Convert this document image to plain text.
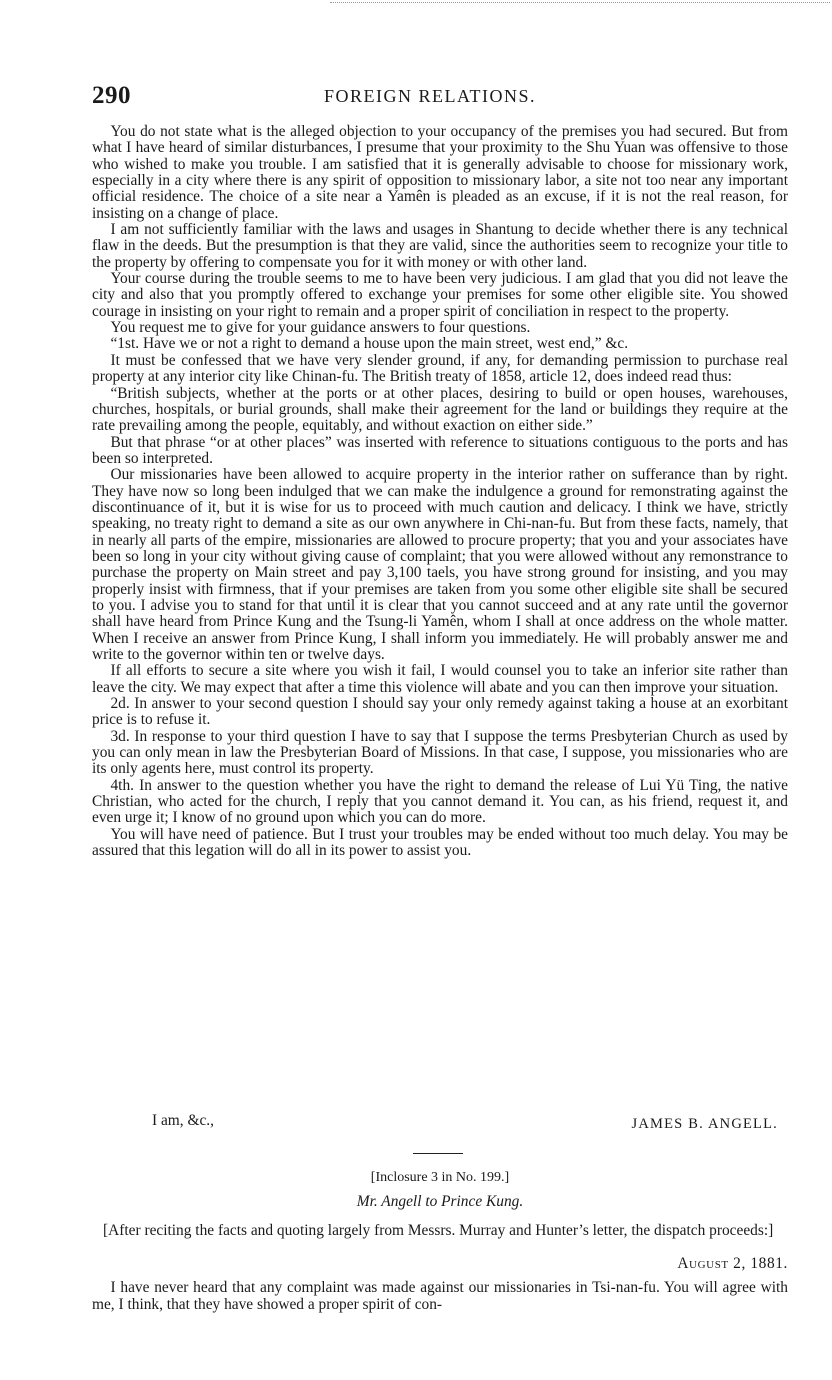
290	FOREIGN RELATIONS.

You do not state what is the alleged objection to your occupancy of the premises you had secured. But from what I have heard of similar disturbances, I presume that your proximity to the Shu Yuan was offensive to those who wished to make you trouble. I am satisfied that it is generally advisable to choose for missionary work, especially in a city where there is any spirit of opposition to missionary labor, a site not too near any important official residence. The choice of a site near a Yamên is pleaded as an excuse, if it is not the real reason, for insisting on a change of place.

I am not sufficiently familiar with the laws and usages in Shantung to decide whether there is any technical flaw in the deeds. But the presumption is that they are valid, since the authorities seem to recognize your title to the property by offering to compensate you for it with money or with other land.

Your course during the trouble seems to me to have been very judicious. I am glad that you did not leave the city and also that you promptly offered to exchange your premises for some other eligible site. You showed courage in insisting on your right to remain and a proper spirit of conciliation in respect to the property.

You request me to give for your guidance answers to four questions.

“1st. Have we or not a right to demand a house upon the main street, west end,” &c.

It must be confessed that we have very slender ground, if any, for demanding permission to purchase real property at any interior city like Chinan-fu. The British treaty of 1858, article 12, does indeed read thus:

“British subjects, whether at the ports or at other places, desiring to build or open houses, warehouses, churches, hospitals, or burial grounds, shall make their agreement for the land or buildings they require at the rate prevailing among the people, equitably, and without exaction on either side.”

But that phrase “or at other places” was inserted with reference to situations contiguous to the ports and has been so interpreted.

Our missionaries have been allowed to acquire property in the interior rather on sufferance than by right. They have now so long been indulged that we can make the indulgence a ground for remonstrating against the discontinuance of it, but it is wise for us to proceed with much caution and delicacy. I think we have, strictly speaking, no treaty right to demand a site as our own anywhere in Chi-nan-fu. But from these facts, namely, that in nearly all parts of the empire, missionaries are allowed to procure property; that you and your associates have been so long in your city without giving cause of complaint; that you were allowed without any remonstrance to purchase the property on Main street and pay 3,100 taels, you have strong ground for insisting, and you may properly insist with firmness, that if your premises are taken from you some other eligible site shall be secured to you. I advise you to stand for that until it is clear that you cannot succeed and at any rate until the governor shall have heard from Prince Kung and the Tsung-li Yamên, whom I shall at once address on the whole matter. When I receive an answer from Prince Kung, I shall inform you immediately. He will probably answer me and write to the governor within ten or twelve days.

If all efforts to secure a site where you wish it fail, I would counsel you to take an inferior site rather than leave the city. We may expect that after a time this violence will abate and you can then improve your situation.

2d. In answer to your second question I should say your only remedy against taking a house at an exorbitant price is to refuse it.

3d. In response to your third question I have to say that I suppose the terms Presbyterian Church as used by you can only mean in law the Presbyterian Board of Missions. In that case, I suppose, you missionaries who are its only agents here, must control its property.

4th. In answer to the question whether you have the right to demand the release of Lui Yü Ting, the native Christian, who acted for the church, I reply that you cannot demand it. You can, as his friend, request it, and even urge it; I know of no ground upon which you can do more.

You will have need of patience. But I trust your troubles may be ended without too much delay. You may be assured that this legation will do all in its power to assist you.

I am, &c.,	JAMES B. ANGELL.
[Inclosure 3 in No. 199.]
Mr. Angell to Prince Kung.
[After reciting the facts and quoting largely from Messrs. Murray and Hunter’s letter, the dispatch proceeds:]
August 2, 1881.

I have never heard that any complaint was made against our missionaries in Tsi-nan-fu. You will agree with me, I think, that they have showed a proper spirit of con-
